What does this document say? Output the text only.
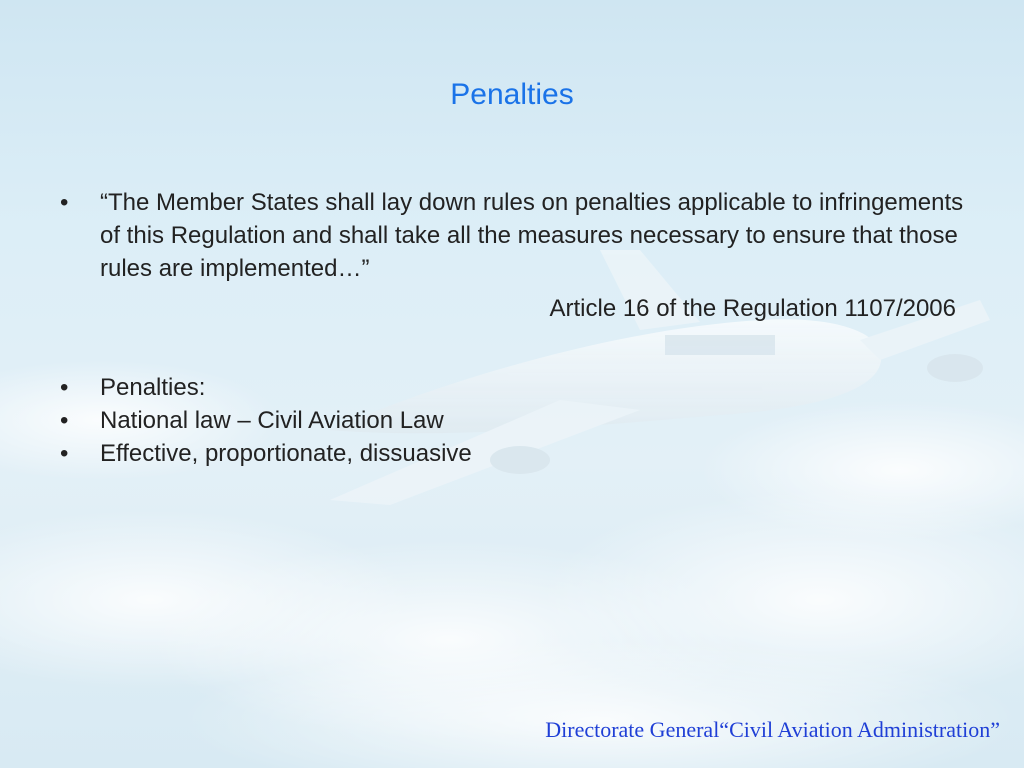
Penalties
•	“The Member States shall lay down rules on penalties applicable to infringements of this Regulation and shall take all the measures necessary to ensure that those rules are implemented…”
Article 16 of the Regulation 1107/2006
•	Penalties:
•	National law – Civil Aviation Law
•	Effective, proportionate, dissuasive
Directorate General“Civil Aviation Administration”
